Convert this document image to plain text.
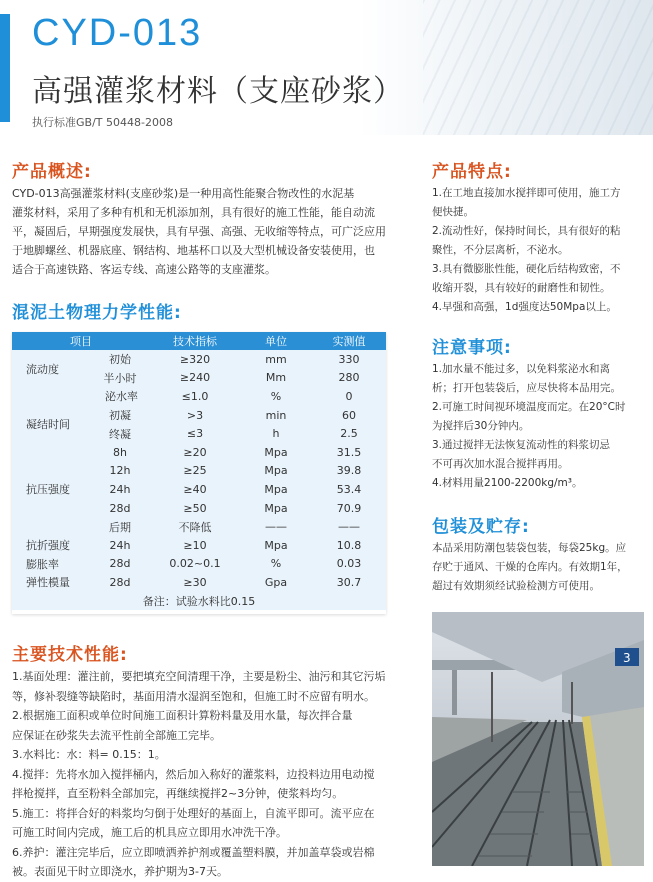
CYD-013
高强灌浆材料（支座砂浆）
执行标准GB/T 50448-2008
产品概述:
CYD-013高强灌浆材料(支座砂浆)是一种用高性能聚合物改性的水泥基
灌浆材料，采用了多种有机和无机添加剂，具有很好的施工性能，能自动流
平，凝固后，早期强度发展快，具有早强、高强、无收缩等特点，可广泛应用
于地脚螺丝、机器底座、钢结构、地基杯口以及大型机械设备安装使用，也
适合于高速铁路、客运专线、高速公路等的支座灌浆。
混泥土物理力学性能:
项目		技术指标	单位	实测值
流动度	初始	≥320	mm	330
	半小时	≥240	Mm	280
泌水率		≤1.0	%	0
凝结时间	初凝	>3	min	60
	终凝	≤3	h	2.5
抗压强度	8h	≥20	Mpa	31.5
	12h	≥25	Mpa	39.8
	24h	≥40	Mpa	53.4
	28d	≥50	Mpa	70.9
	后期	不降低	——	——
抗折强度	24h	≥10	Mpa	10.8
膨胀率	28d	0.02~0.1	%	0.03
弹性模量	28d	≥30	Gpa	30.7
备注：试验水料比0.15				
主要技术性能:
1.基面处理：灌注前，要把填充空间清理干净，主要是粉尘、油污和其它污垢
等，修补裂缝等缺陷时，基面用清水湿润至饱和，但施工时不应留有明水。
2.根据施工面积或单位时间施工面积计算粉料量及用水量，每次拌合量
应保证在砂浆失去流平性前全部施工完毕。
3.水料比：水：料= 0.15：1。
4.搅拌：先将水加入搅拌桶内，然后加入称好的灌浆料，边投料边用电动搅
拌枪搅拌，直至粉料全部加完，再继续搅拌2~3分钟，使浆料均匀。
5.施工：将拌合好的料浆均匀倒于处理好的基面上，自流平即可。流平应在
可施工时间内完成，施工后的机具应立即用水冲洗干净。
6.养护：灌注完毕后，应立即喷洒养护剂或覆盖塑料膜，并加盖草袋或岩棉
被。表面见干时立即浇水，养护期为3-7天。
产品特点:
1.在工地直接加水搅拌即可使用，施工方
便快捷。
2.流动性好，保持时间长，具有很好的粘
聚性，不分层离析，不泌水。
3.具有微膨胀性能，硬化后结构致密，不
收缩开裂，具有较好的耐磨性和韧性。
4.早强和高强，1d强度达50Mpa以上。
注意事项:
1.加水量不能过多，以免料浆泌水和离
析；打开包装袋后，应尽快将本品用完。
2.可施工时间视环境温度而定。在20°C时
为搅拌后30分钟内。
3.通过搅拌无法恢复流动性的料浆切忌
不可再次加水混合搅拌再用。
4.材料用量2100-2200kg/m³。
包装及贮存:
本品采用防潮包装袋包装，每袋25kg。应
存贮于通风、干燥的仓库内。有效期1年，
超过有效期须经试验检测方可使用。
3
